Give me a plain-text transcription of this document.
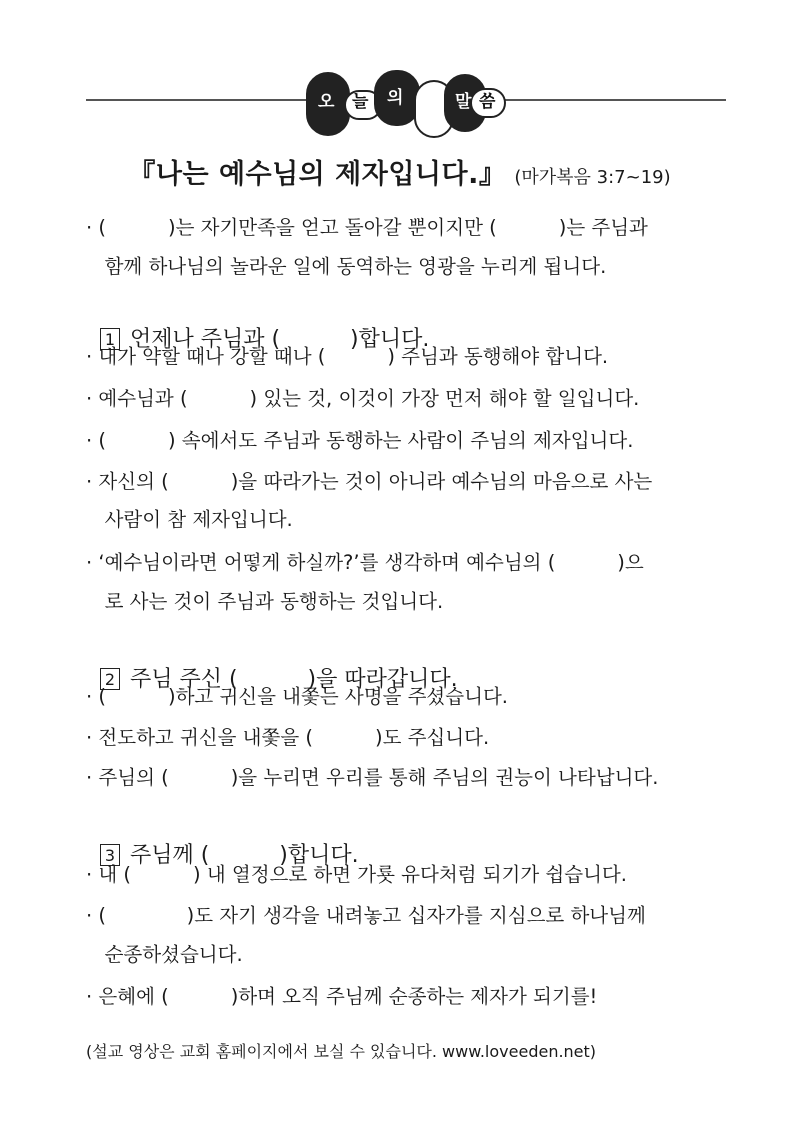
오 늘 의	말 씀
『나는 예수님의 제자입니다.』 (마가복음 3:7~19)
· (          )는 자기만족을 얻고 돌아갈 뿐이지만 (          )는 주님과
함께 하나님의 놀라운 일에 동역하는 영광을 누리게 됩니다.

1 언제나 주님과 (          )합니다.

· 내가 약할 때나 강할 때나 (          ) 주님과 동행해야 합니다.
· 예수님과 (          ) 있는 것, 이것이 가장 먼저 해야 할 일입니다.
· (          ) 속에서도 주님과 동행하는 사람이 주님의 제자입니다.
· 자신의 (          )을 따라가는 것이 아니라 예수님의 마음으로 사는
사람이 참 제자입니다.
· ‘예수님이라면 어떻게 하실까?’를 생각하며 예수님의 (          )으
로 사는 것이 주님과 동행하는 것입니다.

2 주님 주신 (          )을 따라갑니다.

· (          )하고 귀신을 내쫓는 사명을 주셨습니다.
· 전도하고 귀신을 내쫓을 (          )도 주십니다.
· 주님의 (          )을 누리면 우리를 통해 주님의 권능이 나타납니다.

3 주님께 (          )합니다.

· 내 (          ) 내 열정으로 하면 가룟 유다처럼 되기가 쉽습니다.
· (             )도 자기 생각을 내려놓고 십자가를 지심으로 하나님께
순종하셨습니다.
· 은혜에 (          )하며 오직 주님께 순종하는 제자가 되기를!
(설교 영상은 교회 홈페이지에서 보실 수 있습니다. www.loveeden.net)
